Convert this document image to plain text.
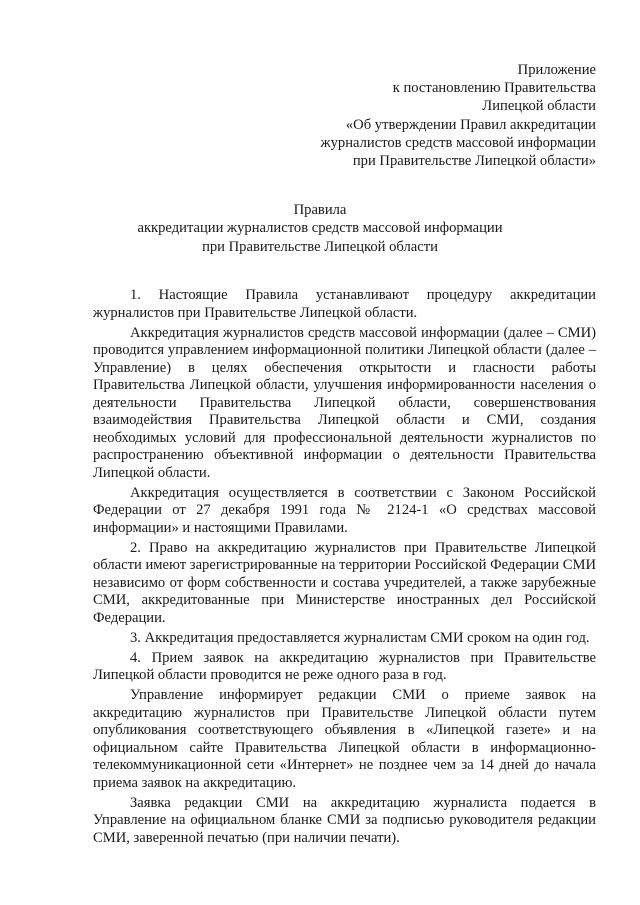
Приложение
к постановлению Правительства
Липецкой области
«Об утверждении Правил аккредитации
журналистов средств массовой информации
при Правительстве Липецкой области»
Правила
аккредитации журналистов средств массовой информации
при Правительстве Липецкой области

1. Настоящие Правила устанавливают процедуру аккредитации журналистов при Правительстве Липецкой области.

Аккредитация журналистов средств массовой информации (далее – СМИ) проводится управлением информационной политики Липецкой области (далее – Управление) в целях обеспечения открытости и гласности работы Правительства Липецкой области, улучшения информированности населения о деятельности Правительства Липецкой области, совершенствования взаимодействия Правительства Липецкой области и СМИ, создания необходимых условий для профессиональной деятельности журналистов по распространению объективной информации о деятельности Правительства Липецкой области.

Аккредитация осуществляется в соответствии с Законом Российской Федерации от 27 декабря 1991 года № 2124-1 «О средствах массовой информации» и настоящими Правилами.

2. Право на аккредитацию журналистов при Правительстве Липецкой области имеют зарегистрированные на территории Российской Федерации СМИ независимо от форм собственности и состава учредителей, а также зарубежные СМИ, аккредитованные при Министерстве иностранных дел Российской Федерации.

3. Аккредитация предоставляется журналистам СМИ сроком на один год.

4. Прием заявок на аккредитацию журналистов при Правительстве Липецкой области проводится не реже одного раза в год.

Управление информирует редакции СМИ о приеме заявок на аккредитацию журналистов при Правительстве Липецкой области путем опубликования соответствующего объявления в «Липецкой газете» и на официальном сайте Правительства Липецкой области в информационно-телекоммуникационной сети «Интернет» не позднее чем за 14 дней до начала приема заявок на аккредитацию.

Заявка редакции СМИ на аккредитацию журналиста подается в Управление на официальном бланке СМИ за подписью руководителя редакции СМИ, заверенной печатью (при наличии печати).
